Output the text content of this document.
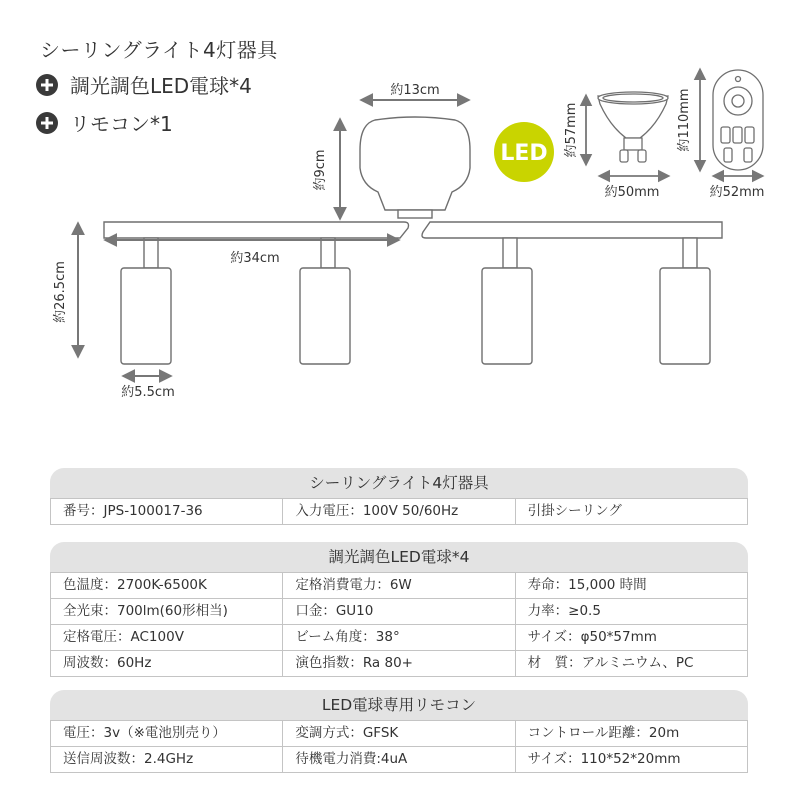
シーリングライト4灯器具
調光調色LED電球*4
リモコン*1
約13cm
約9cm
約34cm
約26.5cm
約5.5cm
LED 約57mm
約50mm
約110mm
約52mm
シーリングライト4灯器具
番号：JPS-100017-36	入力電圧：100V 50/60Hz	引掛シーリング
調光調色LED電球*4
色温度：2700K-6500K	定格消費電力：6W	寿命：15,000 時間
全光束：700lm(60形相当)	口金：GU10	力率：≥0.5
定格電圧：AC100V	ビーム角度：38°	サイズ：φ50*57mm
周波数：60Hz	演色指数：Ra 80+	材　質：アルミニウム、PC
LED電球専用リモコン
電圧：3v（※電池別売り）	変調方式：GFSK	コントロール距離：20m
送信周波数：2.4GHz	待機電力消費:4uA	サイズ：110*52*20mm
